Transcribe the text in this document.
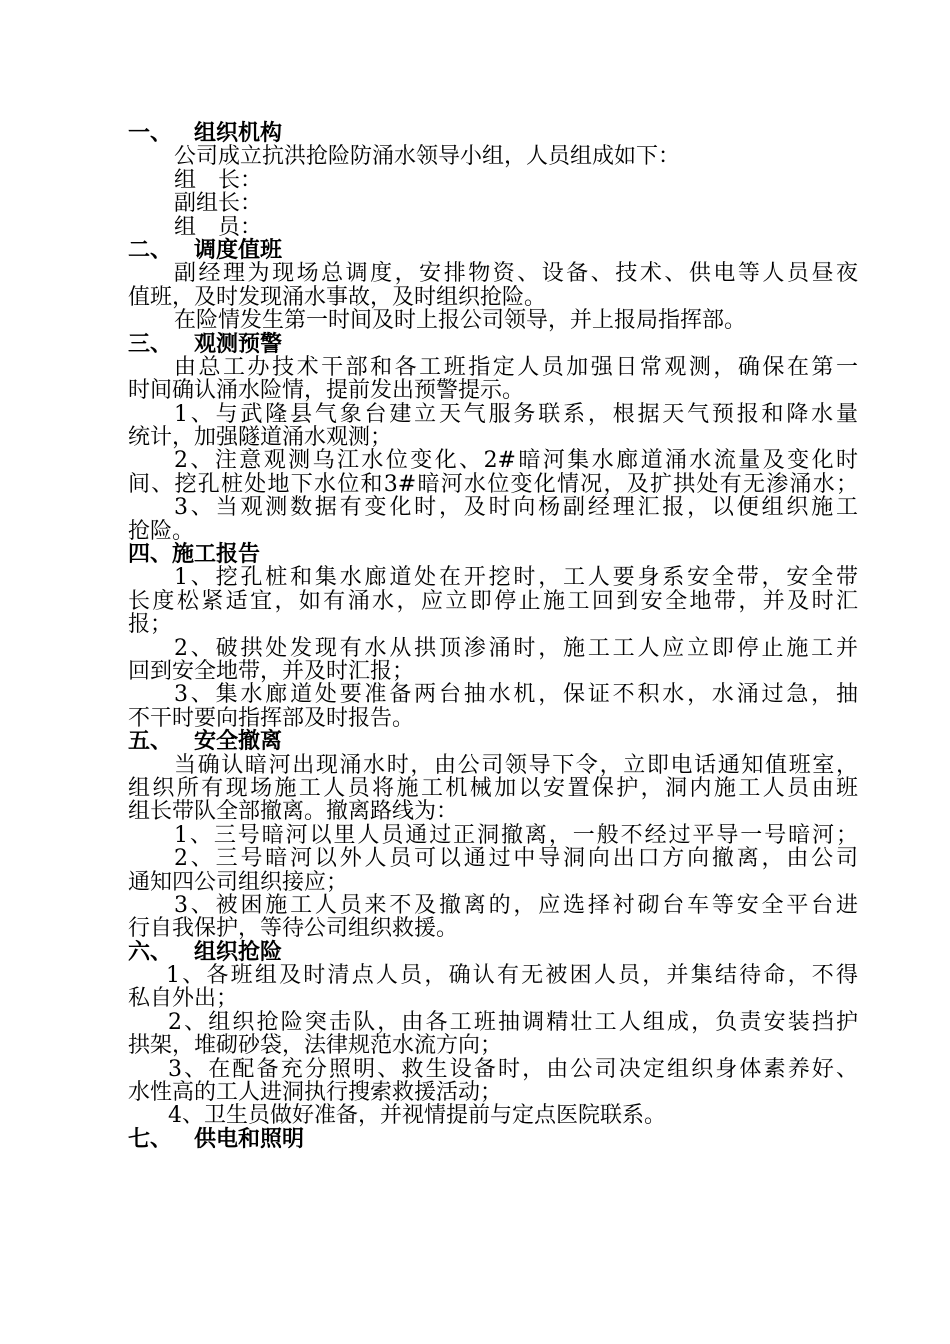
一、 组织机构
公司成立抗洪抢险防涌水领导小组，人员组成如下：
组　长：
副组长：
组　员：
二、 调度值班
副经理为现场总调度，安排物资、设备、技术、供电等人员昼夜
值班，及时发现涌水事故，及时组织抢险。
在险情发生第一时间及时上报公司领导，并上报局指挥部。
三、 观测预警
由总工办技术干部和各工班指定人员加强日常观测，确保在第一
时间确认涌水险情，提前发出预警提示。
1、与武隆县气象台建立天气服务联系，根据天气预报和降水量
统计，加强隧道涌水观测；
2、注意观测乌江水位变化、2#暗河集水廊道涌水流量及变化时
间、挖孔桩处地下水位和3#暗河水位变化情况，及扩拱处有无渗涌水；
3、当观测数据有变化时，及时向杨副经理汇报，以便组织施工
抢险。
四、施工报告
1、挖孔桩和集水廊道处在开挖时，工人要身系安全带，安全带
长度松紧适宜，如有涌水，应立即停止施工回到安全地带，并及时汇
报；
2、破拱处发现有水从拱顶渗涌时，施工工人应立即停止施工并
回到安全地带，并及时汇报；
3、集水廊道处要准备两台抽水机，保证不积水，水涌过急，抽
不干时要向指挥部及时报告。
五、 安全撤离
当确认暗河出现涌水时，由公司领导下令，立即电话通知值班室，
组织所有现场施工人员将施工机械加以安置保护，洞内施工人员由班
组长带队全部撤离。撤离路线为：
1、三号暗河以里人员通过正洞撤离，一般不经过平导一号暗河；
2、三号暗河以外人员可以通过中导洞向出口方向撤离，由公司
通知四公司组织接应；
3、被困施工人员来不及撤离的，应选择衬砌台车等安全平台进
行自我保护，等待公司组织救援。
六、 组织抢险
1、各班组及时清点人员，确认有无被困人员，并集结待命，不得
私自外出；
2、组织抢险突击队，由各工班抽调精壮工人组成，负责安装挡护
拱架，堆砌砂袋，法律规范水流方向；
3、在配备充分照明、救生设备时，由公司决定组织身体素养好、
水性高的工人进洞执行搜索救援活动；
4、卫生员做好准备，并视情提前与定点医院联系。
七、 供电和照明
